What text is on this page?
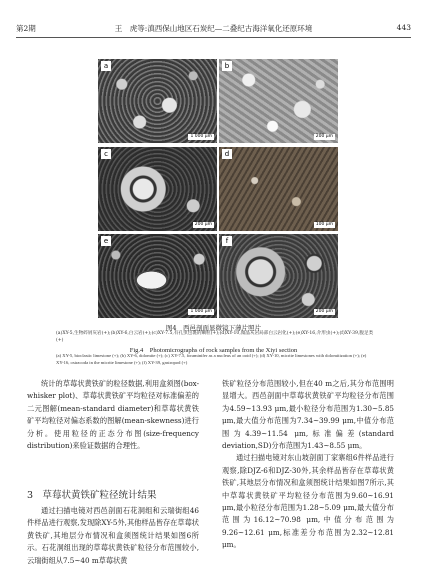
第2期	王　虎等:滇西保山地区石炭纪—二叠纪古海洋氧化还原环境	443
a
1 000 μm
b
200 μm
c
200 μm
d
100 μm
e
1 000 μm
f
200 μm
图4　西邑剖面显微镜下薄片照片
(a)XY-5,生物碎屑灰岩(+);(b)XY-6,白云岩(+);(c)XY-7.5,有孔虫包裹的鲕粒(+);(d)XY-10,微晶灰岩局部白云岩化(+);(e)XY-16,介形虫(+);(f)XY-39,腹足类(+)
Fig.4　Photomicrographs of rock samples from the Xiyi section
(a) XY-5, bioclastic limestone (+); (b) XY-6, dolomite (+); (c) XY-7.5, foraminifer as a nucleus of an ooid (+); (d) XY-10, micrite limestones with dolomitization (+); (e) XY-16, ostracoda in the micrite limestone (+); (f) XY-39, gastropod (+)

统计的草莓状黄铁矿的粒径数据,利用盒须图(box-whisker plot)、草莓状黄铁矿平均粒径对标准偏差的二元图解(mean-standard diameter)和草莓状黄铁矿平均粒径对偏态系数的图解(mean-skewness)进行分析。使用粒径的正态分布图(size-frequency distribution)来验证数据的合理性。

3　草莓状黄铁矿粒径统计结果

通过扫描电镜对西邑剖面石花洞组和云瑞街组46件样品进行观察,发现除XY-5外,其他样品皆存在草莓状黄铁矿,其地层分布情况和盒须图统计结果如图6所示。石花洞组出现的草莓状黄铁矿粒径分布范围较小,云瑞街组从7.5~40 m草莓状黄

铁矿粒径分布范围较小,但在40 m之后,其分布范围明显增大。西邑剖面中草莓状黄铁矿平均粒径分布范围为4.59~13.93 μm,最小粒径分布范围为1.30~5.85 μm,最大值分布范围为7.34~39.99 μm,中值分布范围为4.39~11.54 μm,标准偏差(standard deviation,SD)分布范围为1.43~8.55 μm。

通过扫描电镜对东山坡剖面丁家寨组6件样品进行观察,除DJZ-6和DJZ-30外,其余样品皆存在草莓状黄铁矿,其地层分布情况和盒须图统计结果如图7所示,其中草莓状黄铁矿平均粒径分布范围为9.60~16.91 μm,最小粒径分布范围为1.28~5.09 μm,最大值分布范围为16.12~70.98 μm,中值分布范围为9.26~12.61 μm,标准差分布范围为2.32~12.81 μm。
